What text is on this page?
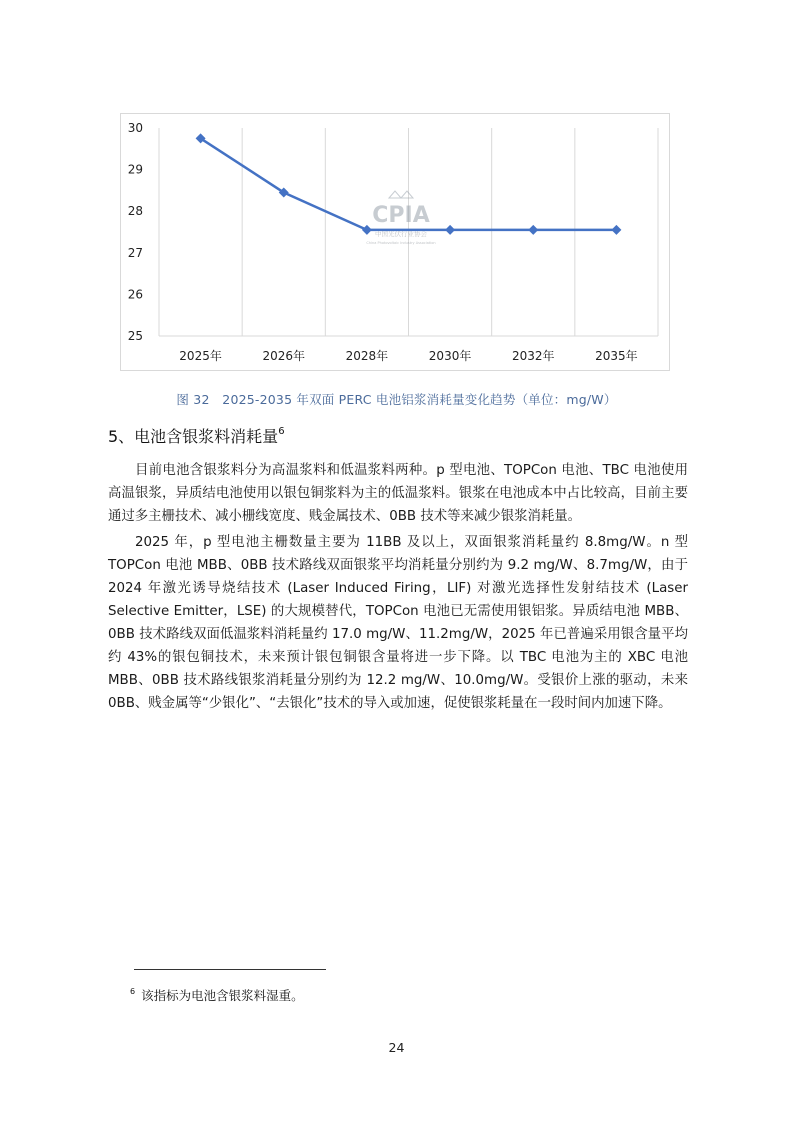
25
26
27
28
29
30
2025年	2026年	2028年	2030年	2032年	2035年
CPIA
中国光伏行业协会
China Photovoltaic Industry Association
图 32　2025-2035 年双面 PERC 电池铝浆消耗量变化趋势（单位：mg/W）
5、电池含银浆料消耗量$^6$

目前电池含银浆料分为高温浆料和低温浆料两种。p 型电池、TOPCon 电池、TBC 电池使用高温银浆，异质结电池使用以银包铜浆料为主的低温浆料。银浆在电池成本中占比较高，目前主要通过多主栅技术、减小栅线宽度、贱金属技术、0BB 技术等来减少银浆消耗量。

2025 年，p 型电池主栅数量主要为 11BB 及以上，双面银浆消耗量约 8.8mg/W。n 型 TOPCon 电池 MBB、0BB 技术路线双面银浆平均消耗量分别约为 9.2 mg/W、8.7mg/W，由于 2024 年激光诱导烧结技术 (Laser Induced Firing，LIF) 对激光选择性发射结技术 (Laser Selective Emitter，LSE) 的大规模替代，TOPCon 电池已无需使用银铝浆。异质结电池 MBB、0BB 技术路线双面低温浆料消耗量约 17.0 mg/W、11.2mg/W，2025 年已普遍采用银含量平均约 43%的银包铜技术，未来预计银包铜银含量将进一步下降。以 TBC 电池为主的 XBC 电池 MBB、0BB 技术路线银浆消耗量分别约为 12.2 mg/W、10.0mg/W。受银价上涨的驱动，未来 0BB、贱金属等“少银化”、“去银化”技术的导入或加速，促使银浆耗量在一段时间内加速下降。

$^6$ 该指标为电池含银浆料湿重。
24
